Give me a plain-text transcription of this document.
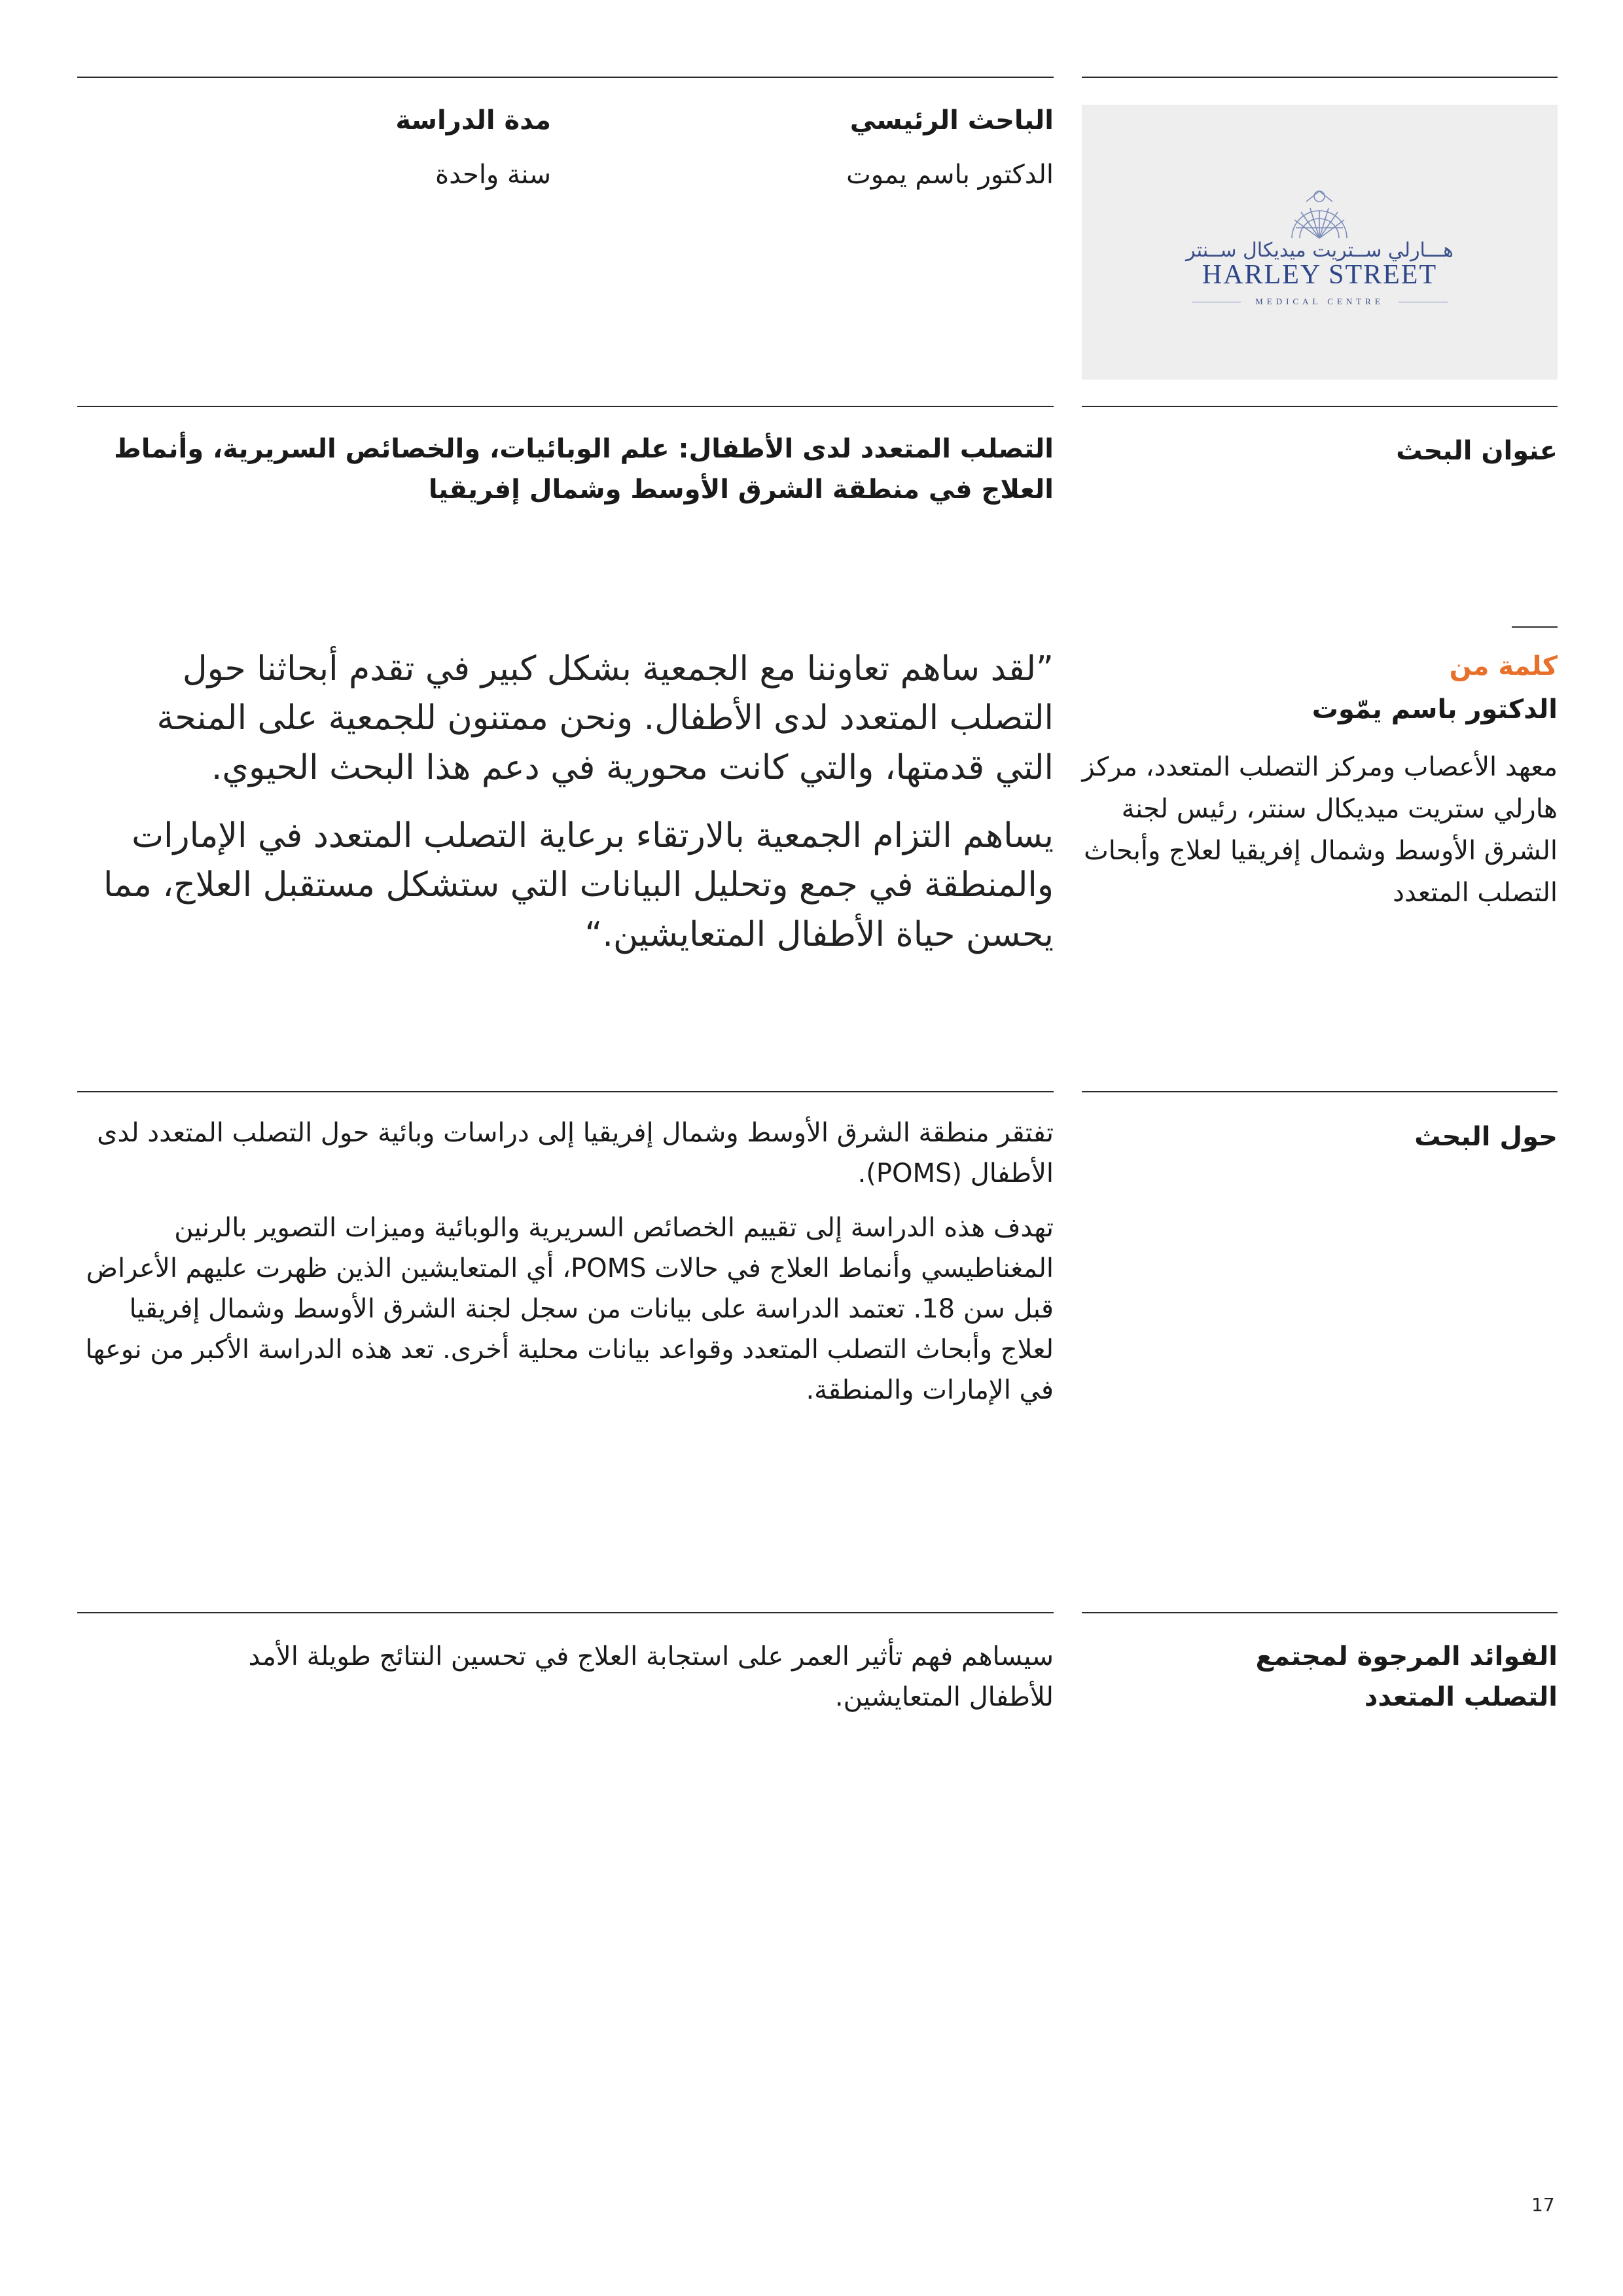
هـــارلي ســتريت ميديكال ســنتر
HARLEY STREET
MEDICAL CENTRE
الباحث الرئيسي
الدكتور باسم يموت
مدة الدراسة
سنة واحدة
عنوان البحث
التصلب المتعدد لدى الأطفال: علم الوبائيات، والخصائص السريرية، وأنماط العلاج في منطقة الشرق الأوسط وشمال إفريقيا
كلمة من
الدكتور باسم يمّوت
معهد الأعصاب ومركز التصلب المتعدد، مركز هارلي ستريت ميديكال سنتر، رئيس لجنة الشرق الأوسط وشمال إفريقيا لعلاج وأبحاث التصلب المتعدد
”لقد ساهم تعاوننا مع الجمعية بشكل كبير في تقدم أبحاثنا حول التصلب المتعدد لدى الأطفال. ونحن ممتنون للجمعية على المنحة التي قدمتها، والتي كانت محورية في دعم هذا البحث الحيوي.
يساهم التزام الجمعية بالارتقاء برعاية التصلب المتعدد في الإمارات والمنطقة في جمع وتحليل البيانات التي ستشكل مستقبل العلاج، مما يحسن حياة الأطفال المتعايشين.“
حول البحث
تفتقر منطقة الشرق الأوسط وشمال إفريقيا إلى دراسات وبائية حول التصلب المتعدد لدى الأطفال (POMS).
تهدف هذه الدراسة إلى تقييم الخصائص السريرية والوبائية وميزات التصوير بالرنين المغناطيسي وأنماط العلاج في حالات POMS، أي المتعايشين الذين ظهرت عليهم الأعراض قبل سن 18. تعتمد الدراسة على بيانات من سجل لجنة الشرق الأوسط وشمال إفريقيا لعلاج وأبحاث التصلب المتعدد وقواعد بيانات محلية أخرى. تعد هذه الدراسة الأكبر من نوعها في الإمارات والمنطقة.
الفوائد المرجوة لمجتمع التصلب المتعدد
سيساهم فهم تأثير العمر على استجابة العلاج في تحسين النتائج طويلة الأمد للأطفال المتعايشين.
17
